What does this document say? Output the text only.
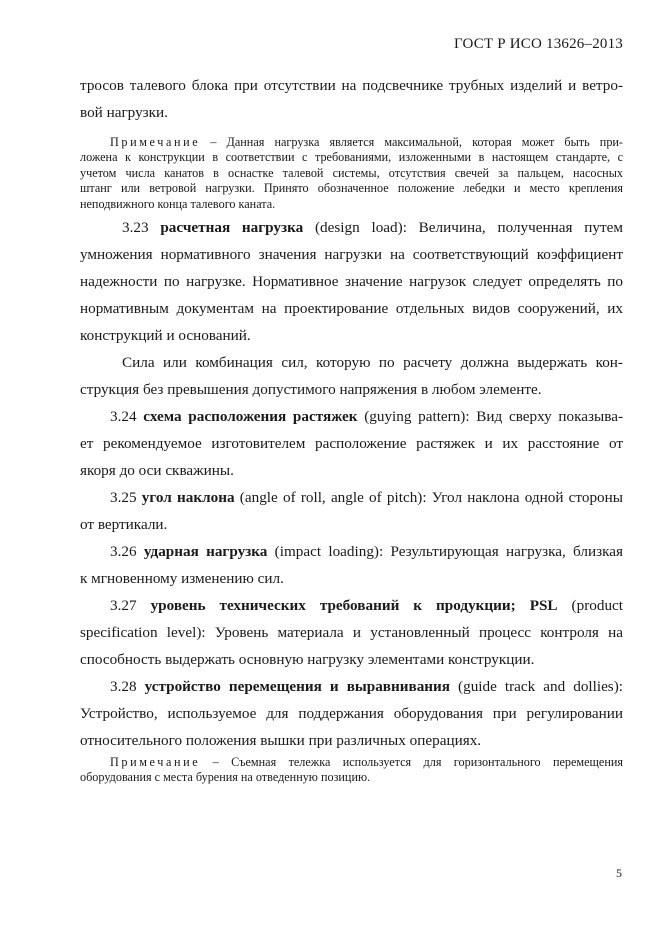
ГОСТ Р ИСО 13626–2013
тросов талевого блока при отсутствии на подсвечнике трубных изделий и ветро-
вой нагрузки.
Примечание – Данная нагрузка является максимальной, которая может быть при-
ложена к конструкции в соответствии с требованиями, изложенными в настоящем стандарте, с
учетом числа канатов в оснастке талевой системы, отсутствия свечей за пальцем, насосных
штанг или ветровой нагрузки. Принято обозначенное положение лебедки и место крепления
неподвижного конца талевого каната.
3.23 расчетная нагрузка (design load): Величина, полученная путем
умножения нормативного значения нагрузки на соответствующий коэффициент
надежности по нагрузке. Нормативное значение нагрузок следует определять по
нормативным документам на проектирование отдельных видов сооружений, их
конструкций и оснований.
Сила или комбинация сил, которую по расчету должна выдержать кон-
струкция без превышения допустимого напряжения в любом элементе.
3.24 схема расположения растяжек (guying pattern): Вид сверху показыва-
ет рекомендуемое изготовителем расположение растяжек и их расстояние от
якоря до оси скважины.
3.25 угол наклона (angle of roll, angle of pitch): Угол наклона одной стороны
от вертикали.
3.26 ударная нагрузка (impact loading): Результирующая нагрузка, близкая
к мгновенному изменению сил.
3.27 уровень технических требований к продукции; PSL (product
specification level): Уровень материала и установленный процесс контроля на
способность выдержать основную нагрузку элементами конструкции.
3.28 устройство перемещения и выравнивания (guide track and dollies):
Устройство, используемое для поддержания оборудования при регулировании
относительного положения вышки при различных операциях.
Примечание – Съемная тележка используется для горизонтального перемещения
оборудования с места бурения на отведенную позицию.
5
